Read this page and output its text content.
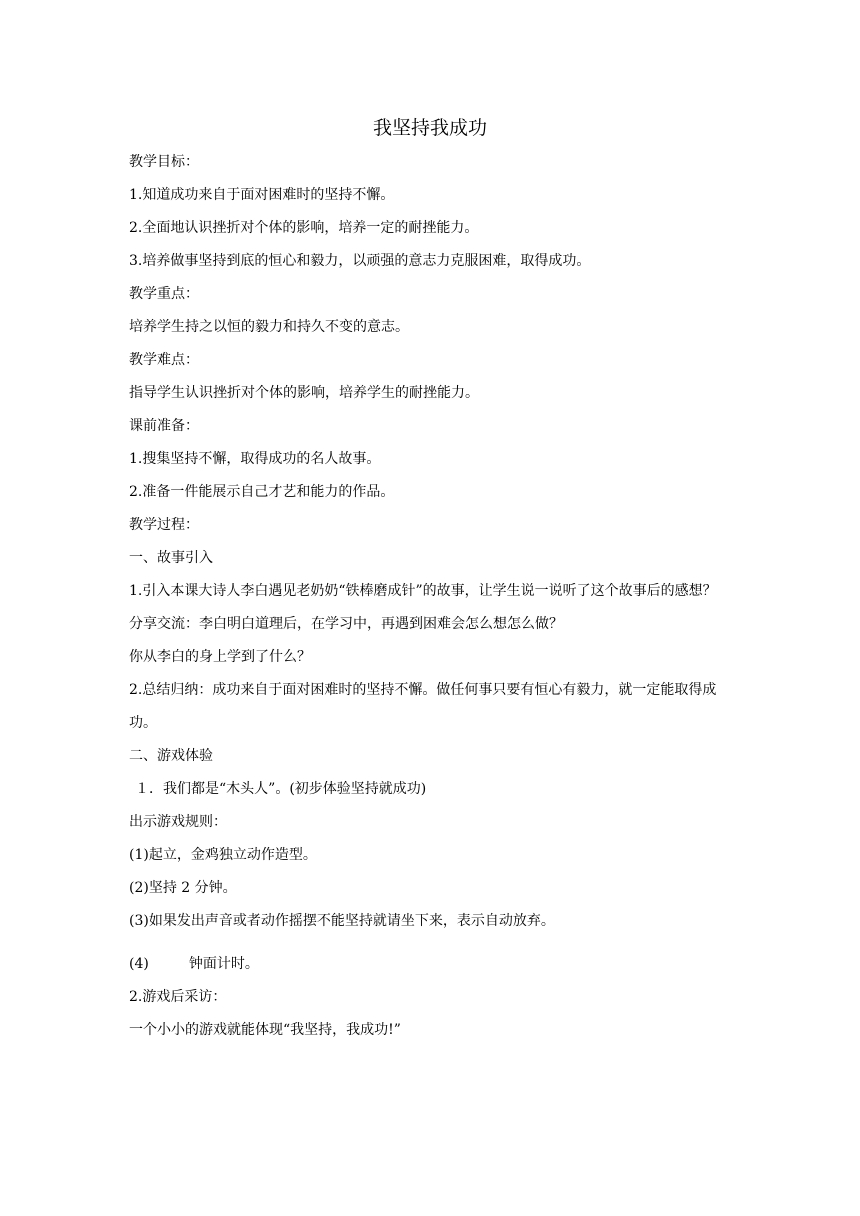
我坚持我成功
教学目标：
1.知道成功来自于面对困难时的坚持不懈。
2.全面地认识挫折对个体的影响，培养一定的耐挫能力。
3.培养做事坚持到底的恒心和毅力，以顽强的意志力克服困难，取得成功。
教学重点：
培养学生持之以恒的毅力和持久不变的意志。
教学难点：
指导学生认识挫折对个体的影响，培养学生的耐挫能力。
课前准备：
1.搜集坚持不懈，取得成功的名人故事。
2.准备一件能展示自己才艺和能力的作品。
教学过程：
一、故事引入
1.引入本课大诗人李白遇见老奶奶“铁棒磨成针”的故事，让学生说一说听了这个故事后的感想？
分享交流：李白明白道理后，在学习中，再遇到困难会怎么想怎么做？
你从李白的身上学到了什么？
2.总结归纳：成功来自于面对困难时的坚持不懈。做任何事只要有恒心有毅力，就一定能取得成功。
二、游戏体验
１．我们都是“木头人”。(初步体验坚持就成功)
出示游戏规则：
(1)起立，金鸡独立动作造型。
(2)坚持 2 分钟。
(3)如果发出声音或者动作摇摆不能坚持就请坐下来，表示自动放弃。
(4)	钟面计时。
2.游戏后采访：
一个小小的游戏就能体现“我坚持，我成功!”
